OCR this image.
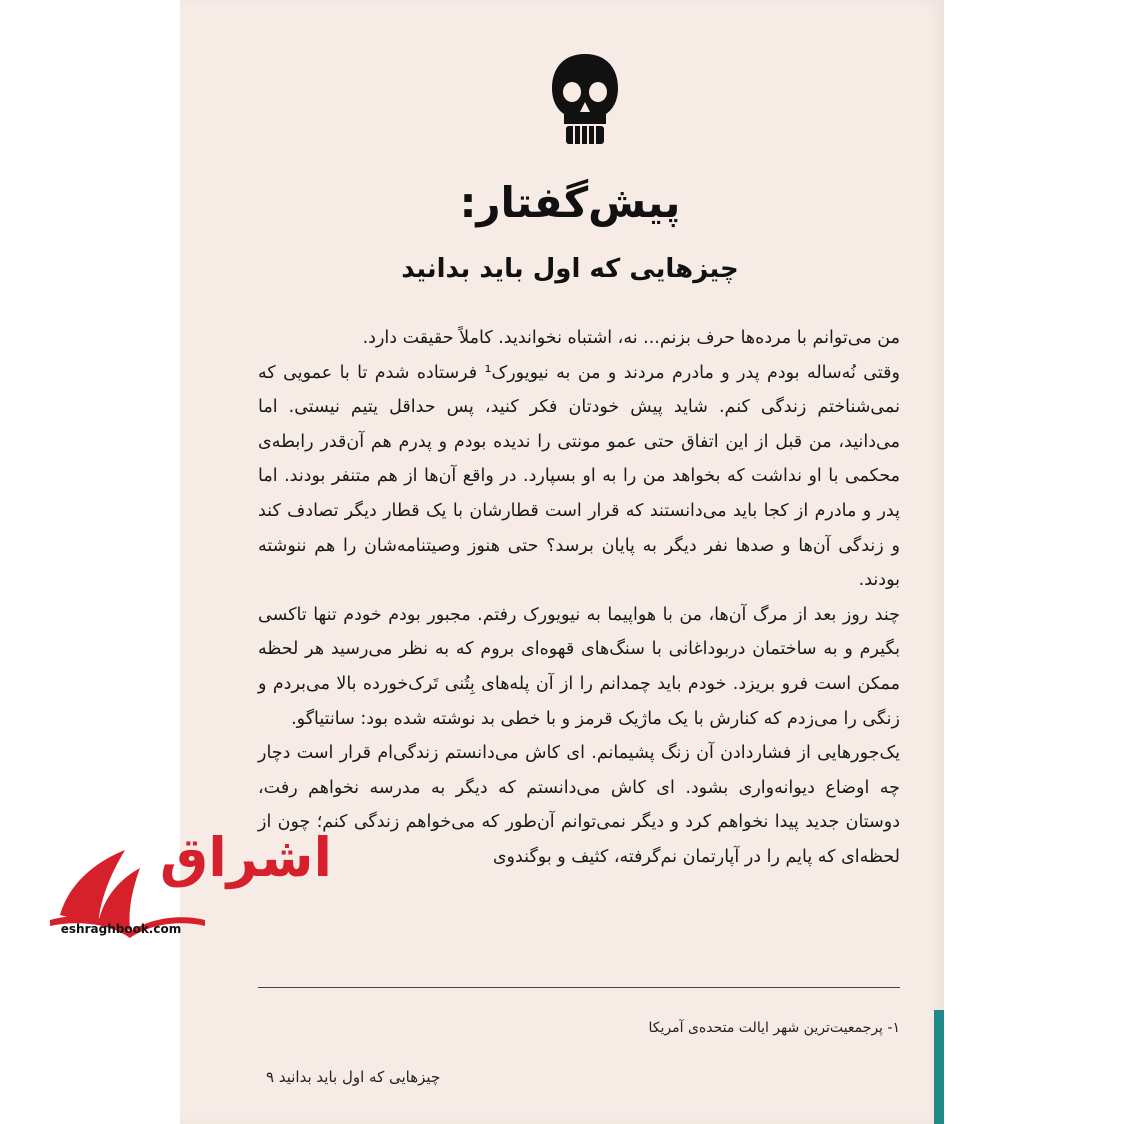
پیش‌گفتار:
چیزهایی که اول باید بدانید

من می‌توانم با مرده‌ها حرف بزنم... نه، اشتباه نخواندید. کاملاً حقیقت دارد.

وقتی نُه‌ساله بودم پدر و مادرم مردند و من به نیویورک¹ فرستاده شدم تا با عمویی که نمی‌شناختم زندگی کنم. شاید پیش خودتان فکر کنید، پس حداقل یتیم نیستی. اما می‌دانید، من قبل از این اتفاق حتی عمو مونتی را ندیده بودم و پدرم هم آن‌قدر رابطه‌ی محکمی با او نداشت که بخواهد من را به او بسپارد. در واقع آن‌ها از هم متنفر بودند. اما پدر و مادرم از کجا باید می‌دانستند که قرار است قطارشان با یک قطار دیگر تصادف کند و زندگی آن‌ها و صدها نفر دیگر به پایان برسد؟ حتی هنوز وصیتنامه‌شان را هم ننوشته بودند.

چند روز بعد از مرگ آن‌ها، من با هواپیما به نیویورک رفتم. مجبور بودم خودم تنها تاکسی بگیرم و به ساختمان دربوداغانی با سنگ‌های قهوه‌ای بروم که به نظر می‌رسید هر لحظه ممکن است فرو بریزد. خودم باید چمدانم را از آن پله‌های بِتُنی تَرک‌خورده بالا می‌بردم و زنگی را می‌زدم که کنارش با یک ماژیک قرمز و با خطی بد نوشته شده بود: سانتیاگو.

یک‌جورهایی از فشاردادن آن زنگ پشیمانم. ای کاش می‌دانستم زندگی‌ام قرار است دچار چه اوضاع دیوانه‌واری بشود. ای کاش می‌دانستم که دیگر به مدرسه نخواهم رفت، دوستان جدید پیدا نخواهم کرد و دیگر نمی‌توانم آن‌طور که می‌خواهم زندگی کنم؛ چون از لحظه‌ای که پایم را در آپارتمان نم‌گرفته، کثیف و بوگندوی

۱- پرجمعیت‌ترین شهر ایالت متحده‌ی آمریکا
چیزهایی که اول باید بدانید ۹
اشراق
eshraghbook.com
